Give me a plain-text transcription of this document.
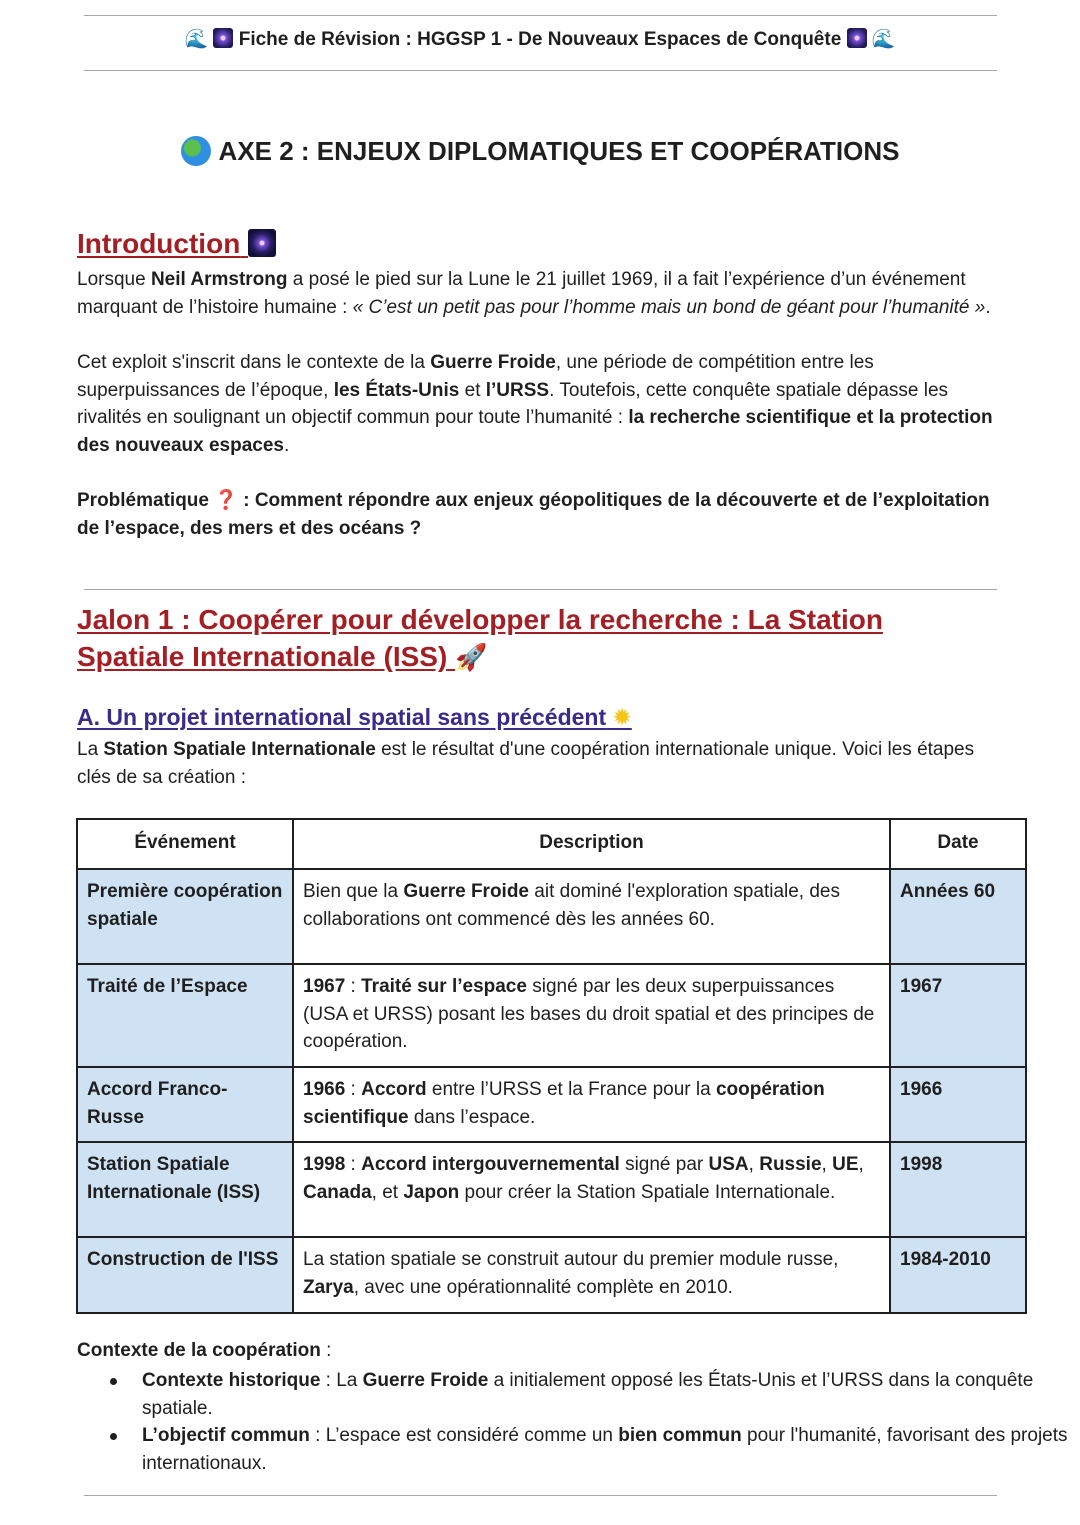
🌊 Fiche de Révision : HGGSP 1 - De Nouveaux Espaces de Conquête 🌊
AXE 2 : ENJEUX DIPLOMATIQUES ET COOPÉRATIONS
Introduction
Lorsque Neil Armstrong a posé le pied sur la Lune le 21 juillet 1969, il a fait l’expérience d’un événement marquant de l’histoire humaine : « C’est un petit pas pour l’homme mais un bond de géant pour l’humanité ».
Cet exploit s'inscrit dans le contexte de la Guerre Froide, une période de compétition entre les superpuissances de l’époque, les États-Unis et l’URSS. Toutefois, cette conquête spatiale dépasse les rivalités en soulignant un objectif commun pour toute l’humanité : la recherche scientifique et la protection des nouveaux espaces.
Problématique ❓ : Comment répondre aux enjeux géopolitiques de la découverte et de l’exploitation de l’espace, des mers et des océans ?
Jalon 1 : Coopérer pour développer la recherche : La Station Spatiale Internationale (ISS) 🚀
A. Un projet international spatial sans précédent ✹
La Station Spatiale Internationale est le résultat d'une coopération internationale unique. Voici les étapes clés de sa création :
Événement	Description	Date
Première coopération spatiale	Bien que la Guerre Froide ait dominé l'exploration spatiale, des collaborations ont commencé dès les années 60.	Années 60
Traité de l’Espace	1967 : Traité sur l’espace signé par les deux superpuissances (USA et URSS) posant les bases du droit spatial et des principes de coopération.	1967
Accord Franco-Russe	1966 : Accord entre l’URSS et la France pour la coopération scientifique dans l’espace.	1966
Station Spatiale Internationale (ISS)	1998 : Accord intergouvernemental signé par USA, Russie, UE, Canada, et Japon pour créer la Station Spatiale Internationale.	1998
Construction de l'ISS	La station spatiale se construit autour du premier module russe, Zarya, avec une opérationnalité complète en 2010.	1984-2010
Contexte de la coopération :
Contexte historique : La Guerre Froide a initialement opposé les États-Unis et l’URSS dans la conquête spatiale.
L’objectif commun : L’espace est considéré comme un bien commun pour l'humanité, favorisant des projets internationaux.
